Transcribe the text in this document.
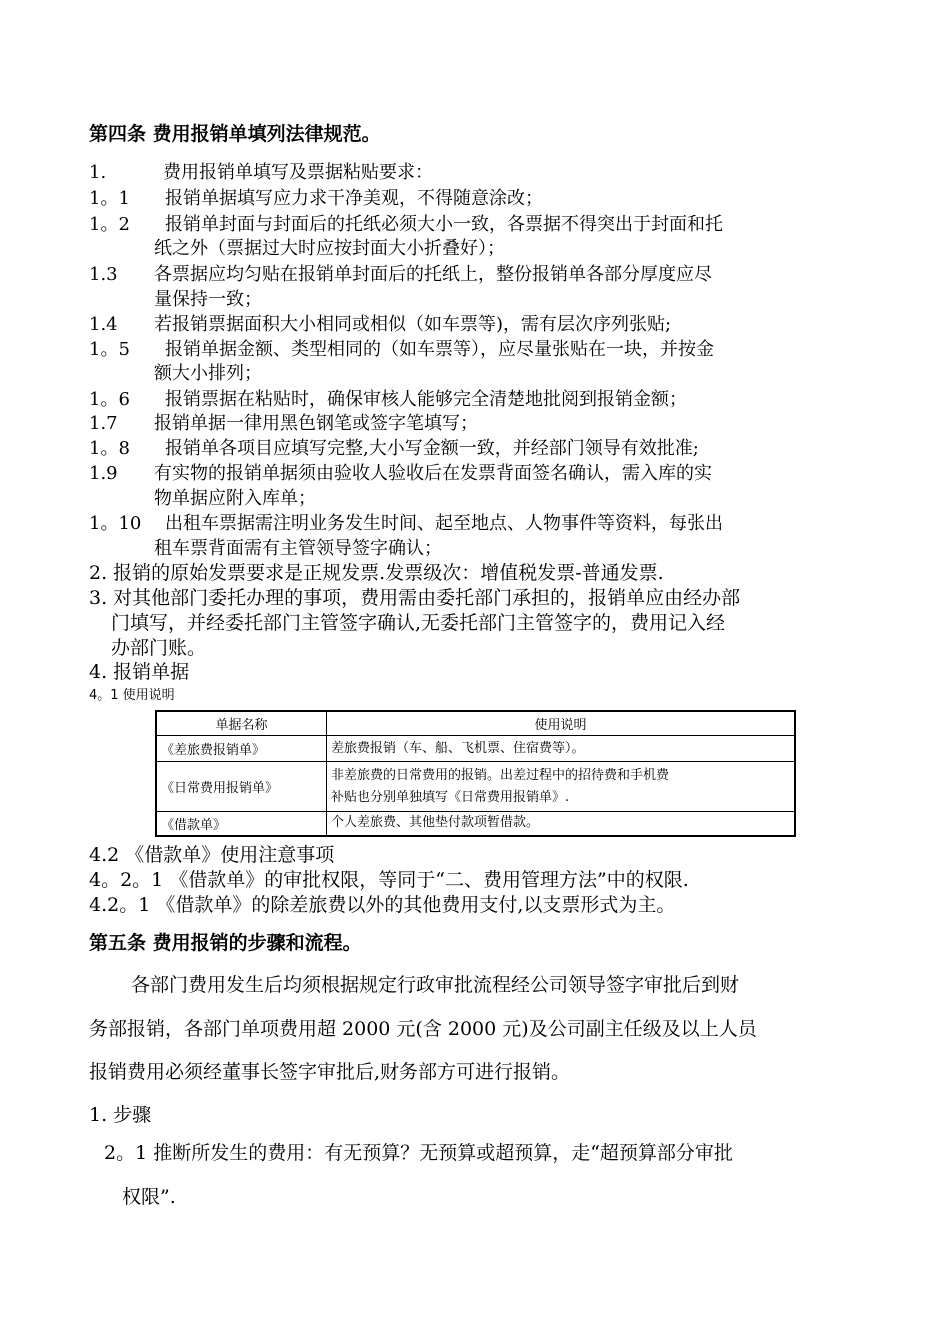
第四条 费用报销单填列法律规范。
1.	费用报销单填写及票据粘贴要求：
1。1 报销单据填写应力求干净美观，不得随意涂改；
1。2 报销单封面与封面后的托纸必须大小一致，各票据不得突出于封面和托
纸之外（票据过大时应按封面大小折叠好）；
1.3 各票据应均匀贴在报销单封面后的托纸上，整份报销单各部分厚度应尽
量保持一致；
1.4 若报销票据面积大小相同或相似（如车票等)，需有层次序列张贴;
1。5 报销单据金额、类型相同的（如车票等），应尽量张贴在一块，并按金
额大小排列；
1。6 报销票据在粘贴时，确保审核人能够完全清楚地批阅到报销金额；
1.7 报销单据一律用黑色钢笔或签字笔填写；
1。8 报销单各项目应填写完整,大小写金额一致，并经部门领导有效批准;
1.9 有实物的报销单据须由验收人验收后在发票背面签名确认，需入库的实
物单据应附入库单；
1。10 出租车票据需注明业务发生时间、起至地点、人物事件等资料，每张出
租车票背面需有主管领导签字确认；
2. 报销的原始发票要求是正规发票.发票级次：增值税发票-普通发票.
3. 对其他部门委托办理的事项，费用需由委托部门承担的，报销单应由经办部
门填写，并经委托部门主管签字确认,无委托部门主管签字的，费用记入经
办部门账。
4. 报销单据
4。1 使用说明
单据名称	使用说明
《差旅费报销单》	差旅费报销（车、船、飞机票、住宿费等）。
《日常费用报销单》	非差旅费的日常费用的报销。出差过程中的招待费和手机费
补贴也分别单独填写《日常费用报销单》.
《借款单》	个人差旅费、其他垫付款项暂借款。
4.2 《借款单》使用注意事项
4。2。1 《借款单》的审批权限，等同于“二、费用管理方法”中的权限.
4.2。1 《借款单》的除差旅费以外的其他费用支付,以支票形式为主。
第五条 费用报销的步骤和流程。
各部门费用发生后均须根据规定行政审批流程经公司领导签字审批后到财
务部报销，各部门单项费用超 2000 元(含 2000 元)及公司副主任级及以上人员
报销费用必须经董事长签字审批后,财务部方可进行报销。
1. 步骤
2。1 推断所发生的费用：有无预算？无预算或超预算，走“超预算部分审批
权限”.
